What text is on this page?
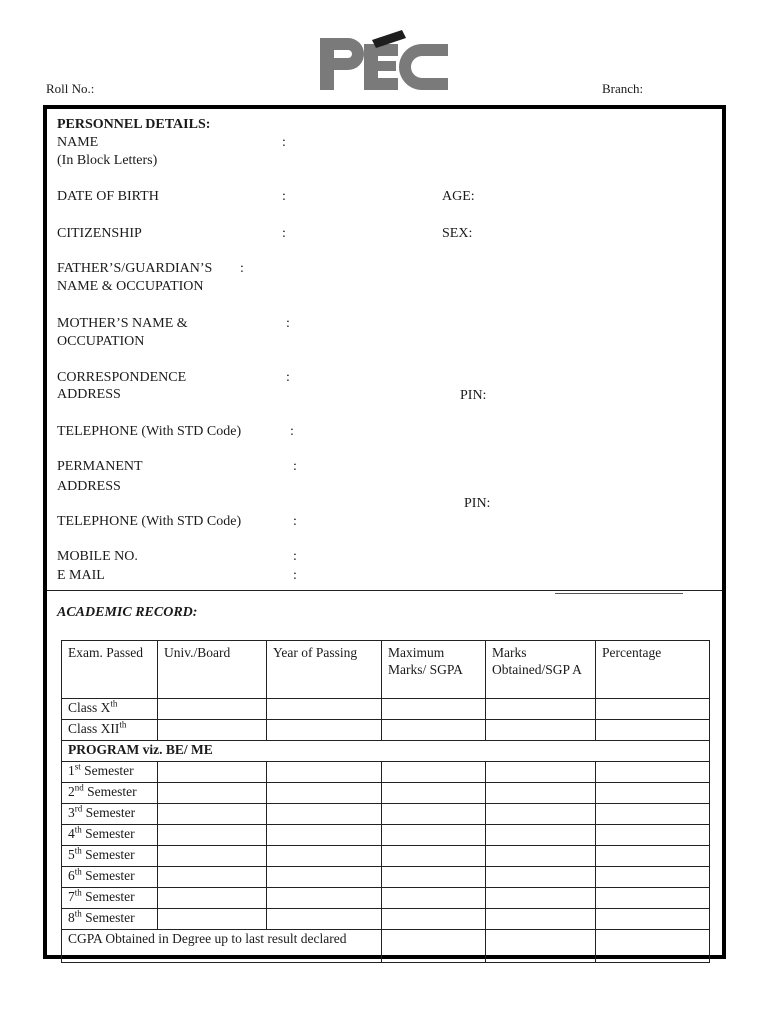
Roll No.:	Branch:
PERSONNEL DETAILS:
NAME	:
(In Block Letters)
DATE OF BIRTH	:	AGE:
CITIZENSHIP	:	SEX:
FATHER’S/GUARDIAN’S :
NAME & OCCUPATION
MOTHER’S NAME &	:
OCCUPATION
CORRESPONDENCE	:
ADDRESS	PIN:
TELEPHONE (With STD Code)	:
PERMANENT	:
ADDRESS
PIN:
TELEPHONE (With STD Code)	:
MOBILE NO.	:
E MAIL	:
ACADEMIC RECORD:
Exam. Passed	Univ./Board	Year of Passing	Maximum Marks/ SGPA	Marks Obtained/SGP A	Percentage
Class Xth					
Class XIIth					
PROGRAM viz. BE/ ME					
1st Semester					
2nd Semester					
3rd Semester					
4th Semester					
5th Semester					
6th Semester					
7th Semester					
8th Semester					
CGPA Obtained in Degree up to last result declared					
